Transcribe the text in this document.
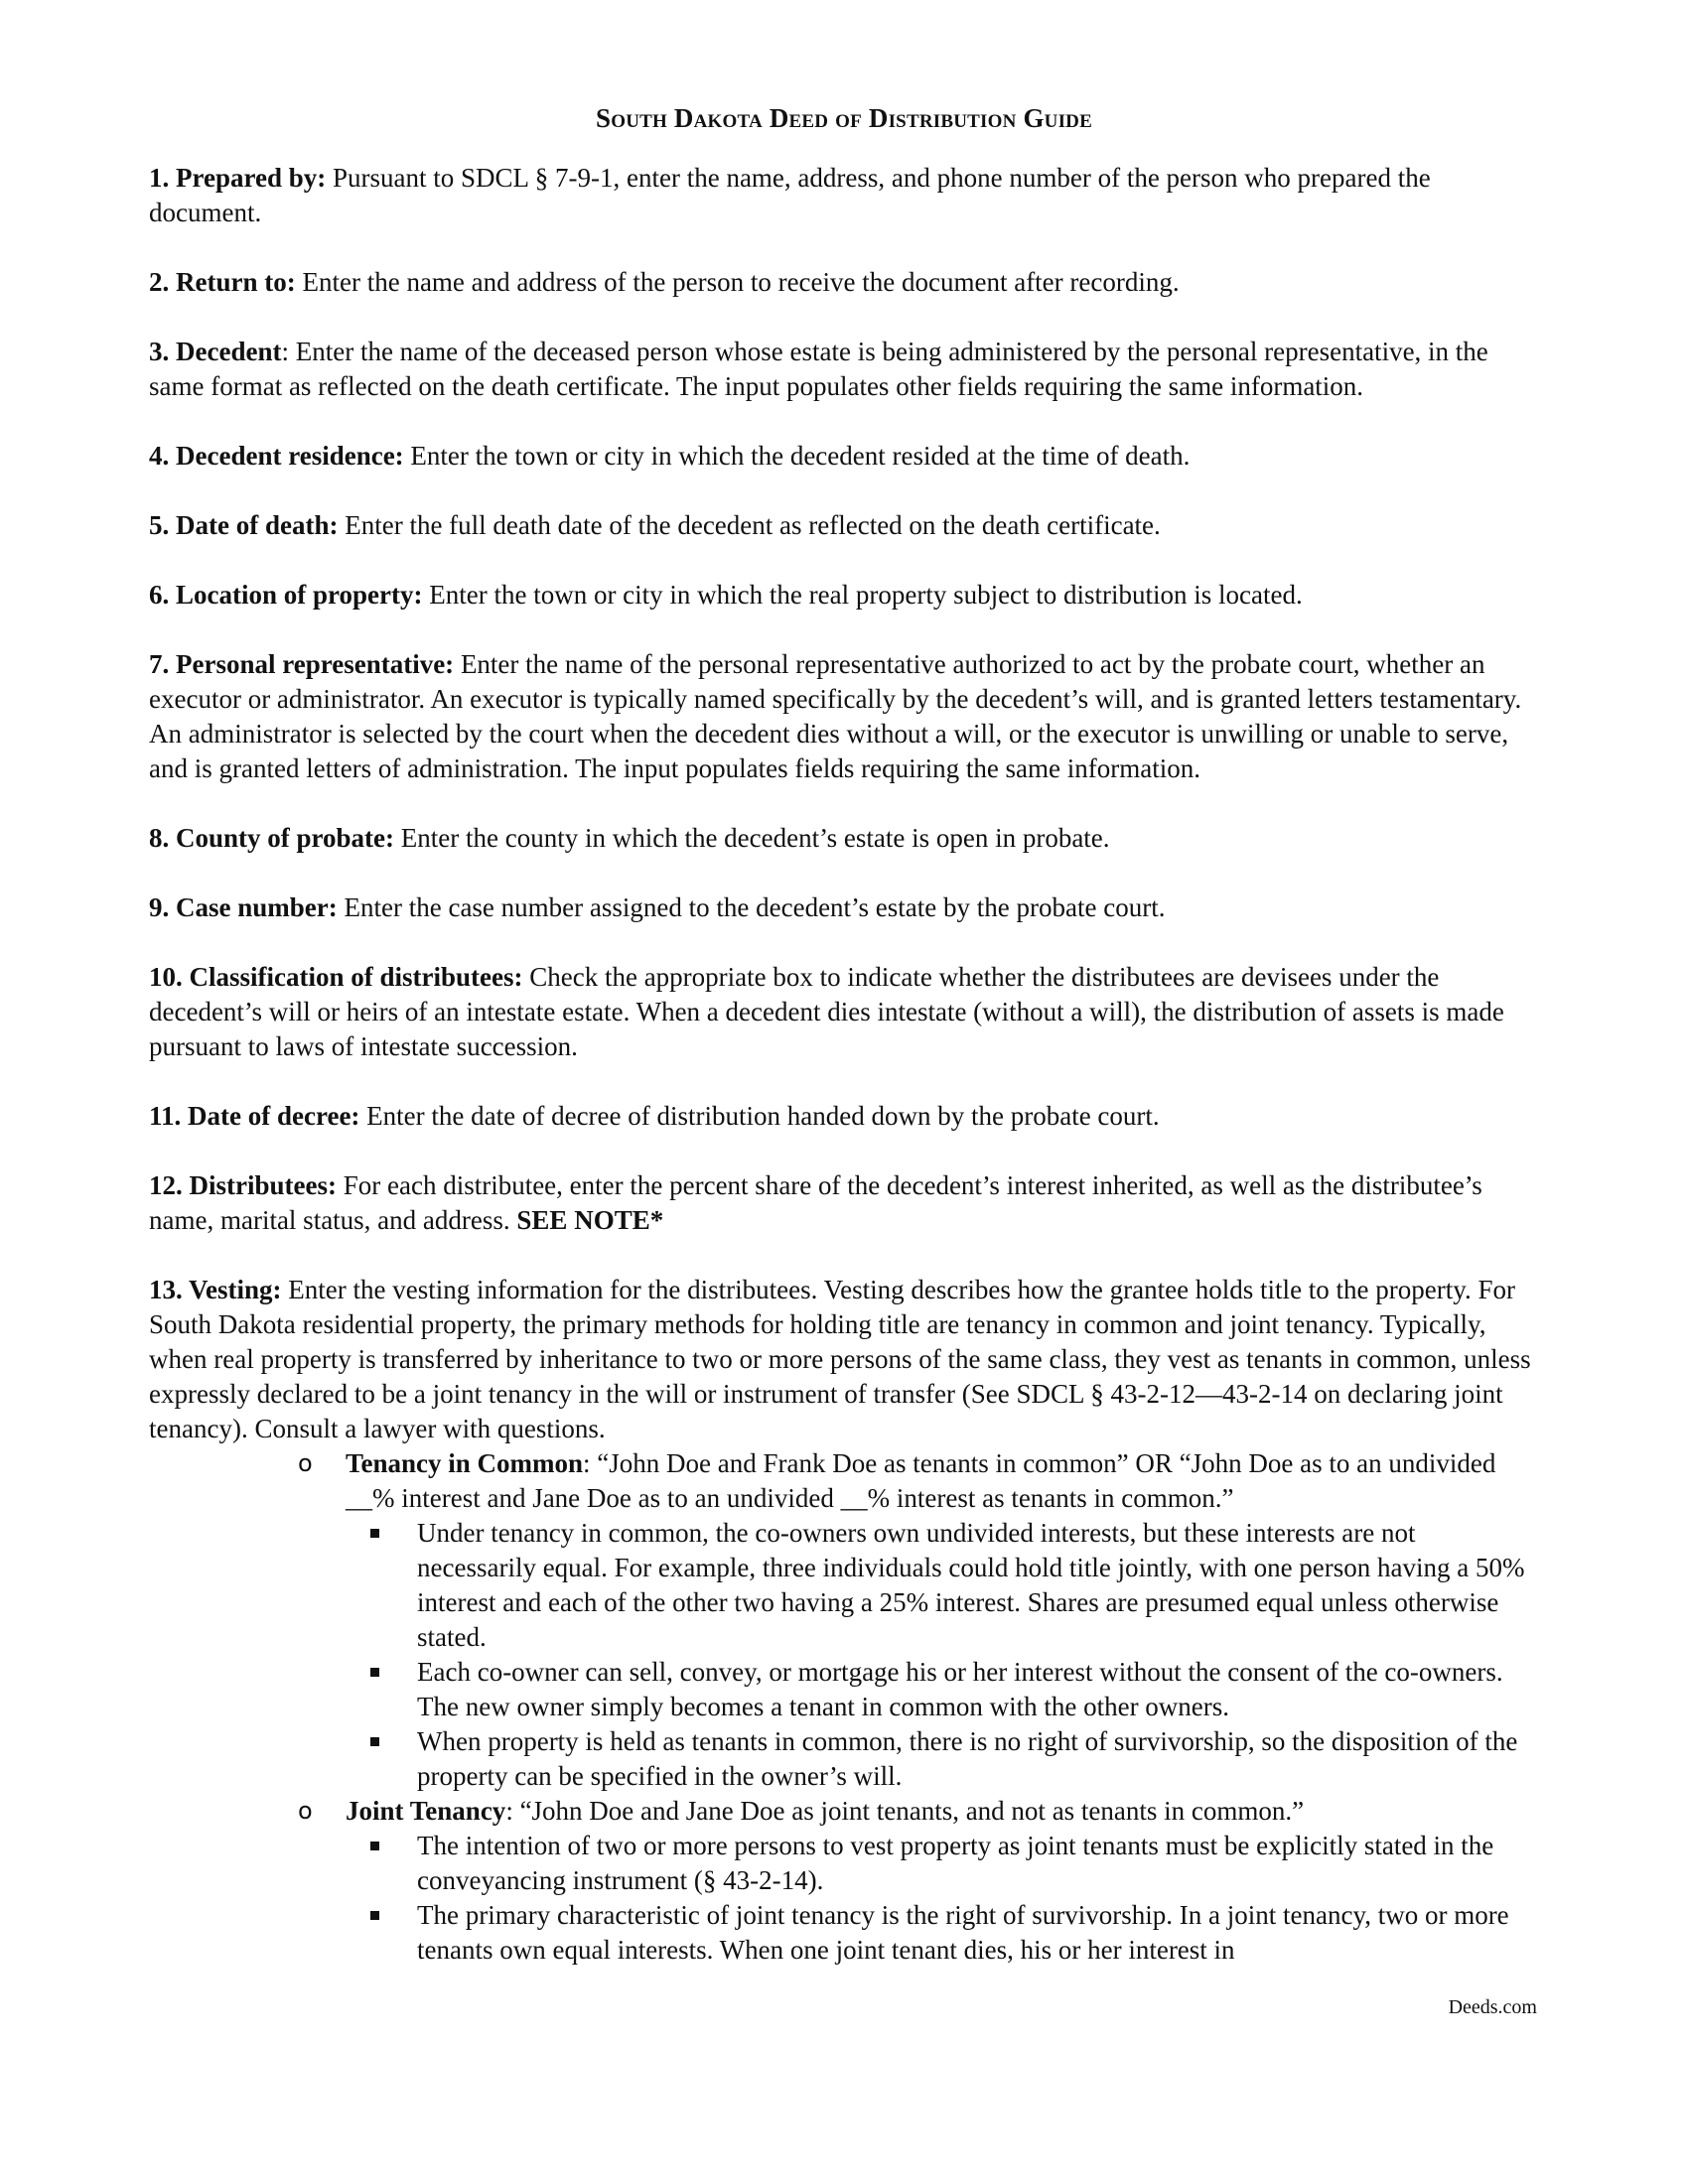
South Dakota Deed of Distribution Guide

1. Prepared by: Pursuant to SDCL § 7-9-1, enter the name, address, and phone number of the person who prepared the document.

2. Return to: Enter the name and address of the person to receive the document after recording.

3. Decedent: Enter the name of the deceased person whose estate is being administered by the personal representative, in the same format as reflected on the death certificate. The input populates other fields requiring the same information.

4. Decedent residence: Enter the town or city in which the decedent resided at the time of death.

5. Date of death: Enter the full death date of the decedent as reflected on the death certificate.

6. Location of property: Enter the town or city in which the real property subject to distribution is located.

7. Personal representative: Enter the name of the personal representative authorized to act by the probate court, whether an executor or administrator. An executor is typically named specifically by the decedent’s will, and is granted letters testamentary. An administrator is selected by the court when the decedent dies without a will, or the executor is unwilling or unable to serve, and is granted letters of administration. The input populates fields requiring the same information.

8. County of probate: Enter the county in which the decedent’s estate is open in probate.

9. Case number: Enter the case number assigned to the decedent’s estate by the probate court.

10. Classification of distributees: Check the appropriate box to indicate whether the distributees are devisees under the decedent’s will or heirs of an intestate estate. When a decedent dies intestate (without a will), the distribution of assets is made pursuant to laws of intestate succession.

11. Date of decree: Enter the date of decree of distribution handed down by the probate court.

12. Distributees: For each distributee, enter the percent share of the decedent’s interest inherited, as well as the distributee’s name, marital status, and address. SEE NOTE*

13. Vesting: Enter the vesting information for the distributees. Vesting describes how the grantee holds title to the property. For South Dakota residential property, the primary methods for holding title are tenancy in common and joint tenancy. Typically, when real property is transferred by inheritance to two or more persons of the same class, they vest as tenants in common, unless expressly declared to be a joint tenancy in the will or instrument of transfer (See SDCL § 43-2-12—43-2-14 on declaring joint tenancy). Consult a lawyer with questions.
o Tenancy in Common: “John Doe and Frank Doe as tenants in common” OR “John Doe as to an undivided __% interest and Jane Doe as to an undivided __% interest as tenants in common.”
Under tenancy in common, the co-owners own undivided interests, but these interests are not necessarily equal. For example, three individuals could hold title jointly, with one person having a 50% interest and each of the other two having a 25% interest. Shares are presumed equal unless otherwise stated.
Each co-owner can sell, convey, or mortgage his or her interest without the consent of the co-owners. The new owner simply becomes a tenant in common with the other owners.
When property is held as tenants in common, there is no right of survivorship, so the disposition of the property can be specified in the owner’s will.
o Joint Tenancy: “John Doe and Jane Doe as joint tenants, and not as tenants in common.”
The intention of two or more persons to vest property as joint tenants must be explicitly stated in the conveyancing instrument (§ 43-2-14).
The primary characteristic of joint tenancy is the right of survivorship. In a joint tenancy, two or more tenants own equal interests. When one joint tenant dies, his or her interest in
Deeds.com
